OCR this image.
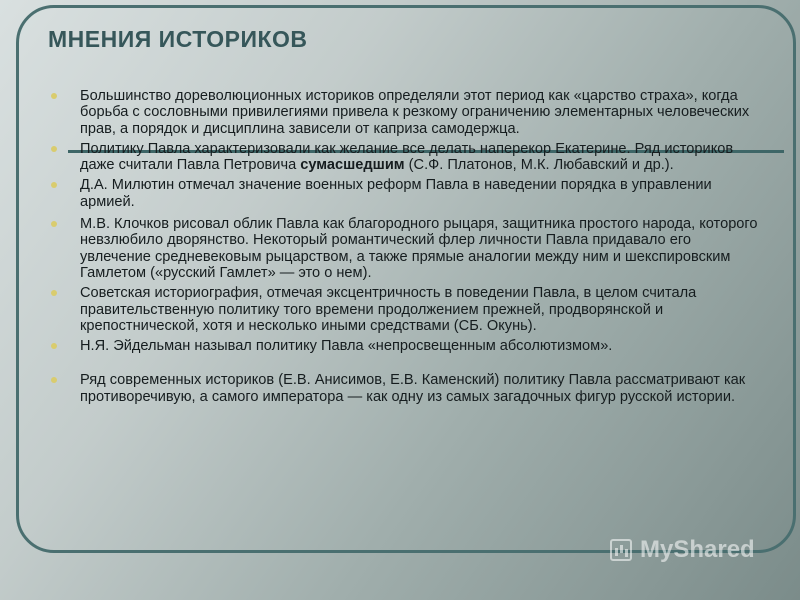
МНЕНИЯ ИСТОРИКОВ
Большинство дореволюционных историков определяли этот период как «царство страха», когда борьба с сословными привилегиями привела к резкому ограничению элементарных человеческих прав, а порядок и дисциплина зависели от каприза самодержца.
Политику Павла характеризовали как желание все делать наперекор Екатерине. Ряд историков даже считали Павла Петровича сумасшедшим (С.Ф. Платонов, М.К. Любавский и др.).
Д.А. Милютин отмечал значение военных реформ Павла в наведении порядка в управлении армией.
М.В. Клочков рисовал облик Павла как благородного рыцаря, защитника простого народа, которого невзлюбило дворянство. Некоторый романтический флер личности Павла придавало его увлечение средневековым рыцарством, а также прямые аналогии между ним и шекспировским Гамлетом («русский Гамлет» — это о нем).
Советская историография, отмечая эксцентричность в поведении Павла, в целом считала правительственную политику того времени продолжением прежней, продворянской и крепостнической, хотя и несколько иными средствами (СБ. Окунь).
Н.Я. Эйдельман называл политику Павла «непросвещенным абсолютизмом».
Ряд современных историков (Е.В. Анисимов, Е.В. Каменский) политику Павла рассматривают как противоречивую, а самого императора — как одну из самых загадочных фигур русской истории.
MyShared
